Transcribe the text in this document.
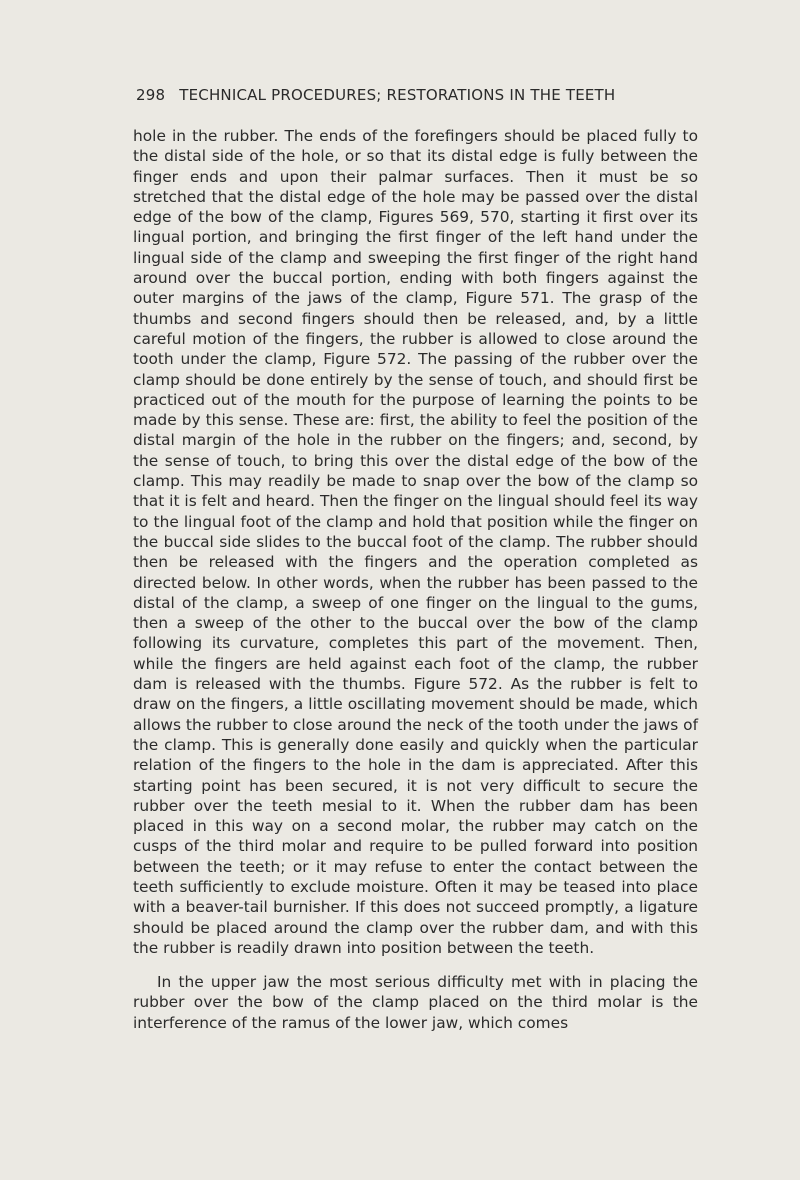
298 TECHNICAL PROCEDURES; RESTORATIONS IN THE TEETH

hole in the rubber. The ends of the forefingers should be placed fully to the distal side of the hole, or so that its distal edge is fully between the finger ends and upon their palmar surfaces. Then it must be so stretched that the distal edge of the hole may be passed over the distal edge of the bow of the clamp, Figures 569, 570, starting it first over its lingual portion, and bringing the first finger of the left hand under the lingual side of the clamp and sweeping the first finger of the right hand around over the buccal portion, ending with both fingers against the outer margins of the jaws of the clamp, Figure 571. The grasp of the thumbs and second fingers should then be released, and, by a little careful motion of the fingers, the rubber is allowed to close around the tooth under the clamp, Figure 572. The passing of the rubber over the clamp should be done entirely by the sense of touch, and should first be practiced out of the mouth for the purpose of learning the points to be made by this sense. These are: first, the ability to feel the position of the distal margin of the hole in the rubber on the fingers; and, second, by the sense of touch, to bring this over the distal edge of the bow of the clamp. This may readily be made to snap over the bow of the clamp so that it is felt and heard. Then the finger on the lingual should feel its way to the lingual foot of the clamp and hold that position while the finger on the buccal side slides to the buccal foot of the clamp. The rubber should then be released with the fingers and the operation completed as directed below. In other words, when the rubber has been passed to the distal of the clamp, a sweep of one finger on the lingual to the gums, then a sweep of the other to the buccal over the bow of the clamp following its curvature, completes this part of the movement. Then, while the fingers are held against each foot of the clamp, the rubber dam is released with the thumbs. Figure 572. As the rubber is felt to draw on the fingers, a little oscillating movement should be made, which allows the rubber to close around the neck of the tooth under the jaws of the clamp. This is generally done easily and quickly when the particular relation of the fingers to the hole in the dam is appreciated. After this starting point has been secured, it is not very difficult to secure the rubber over the teeth mesial to it. When the rubber dam has been placed in this way on a second molar, the rubber may catch on the cusps of the third molar and require to be pulled forward into position between the teeth; or it may refuse to enter the contact between the teeth sufficiently to exclude moisture. Often it may be teased into place with a beaver-tail burnisher. If this does not succeed promptly, a ligature should be placed around the clamp over the rubber dam, and with this the rubber is readily drawn into position between the teeth.

In the upper jaw the most serious difficulty met with in placing the rubber over the bow of the clamp placed on the third molar is the interference of the ramus of the lower jaw, which comes
